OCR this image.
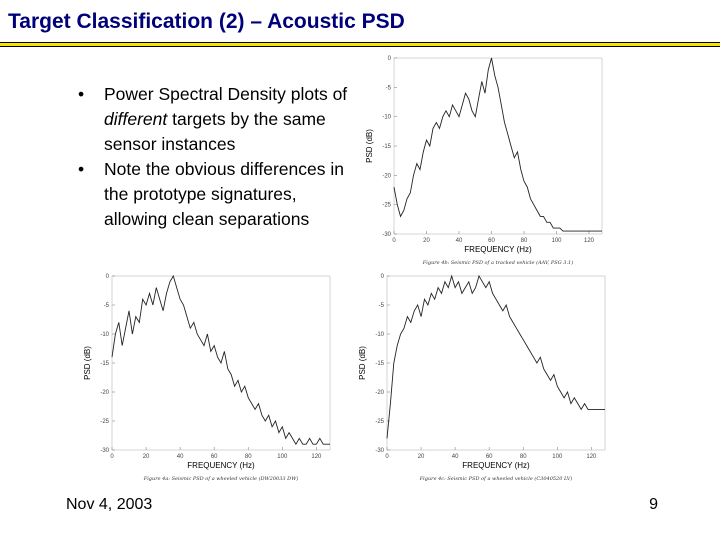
Target Classification (2) – Acoustic PSD
• Power Spectral Density plots of different targets by the same sensor instances
• Note the obvious differences in the prototype signatures, allowing clean separations
0
-5
-10
-15
-20
-25
-30
0	20	40	60	80	100	120
FREQUENCY (Hz)
PSD (dB)
Figure 4b: Seismic PSD of a tracked vehicle (AAV, PSG 3.1)
0
-5
-10
-15
-20
-25
-30
0	20	40	60	80	100	120
FREQUENCY (Hz)
PSD (dB)
Figure 4a: Seismic PSD of a wheeled vehicle (DW20033 DW)
0
-5
-10
-15
-20
-25
-30
0	20	40	60	80	100	120
FREQUENCY (Hz)
PSD (dB)
Figure 4c: Seismic PSD of a wheeled vehicle (C3040520 LV)
Nov 4, 2003	9
